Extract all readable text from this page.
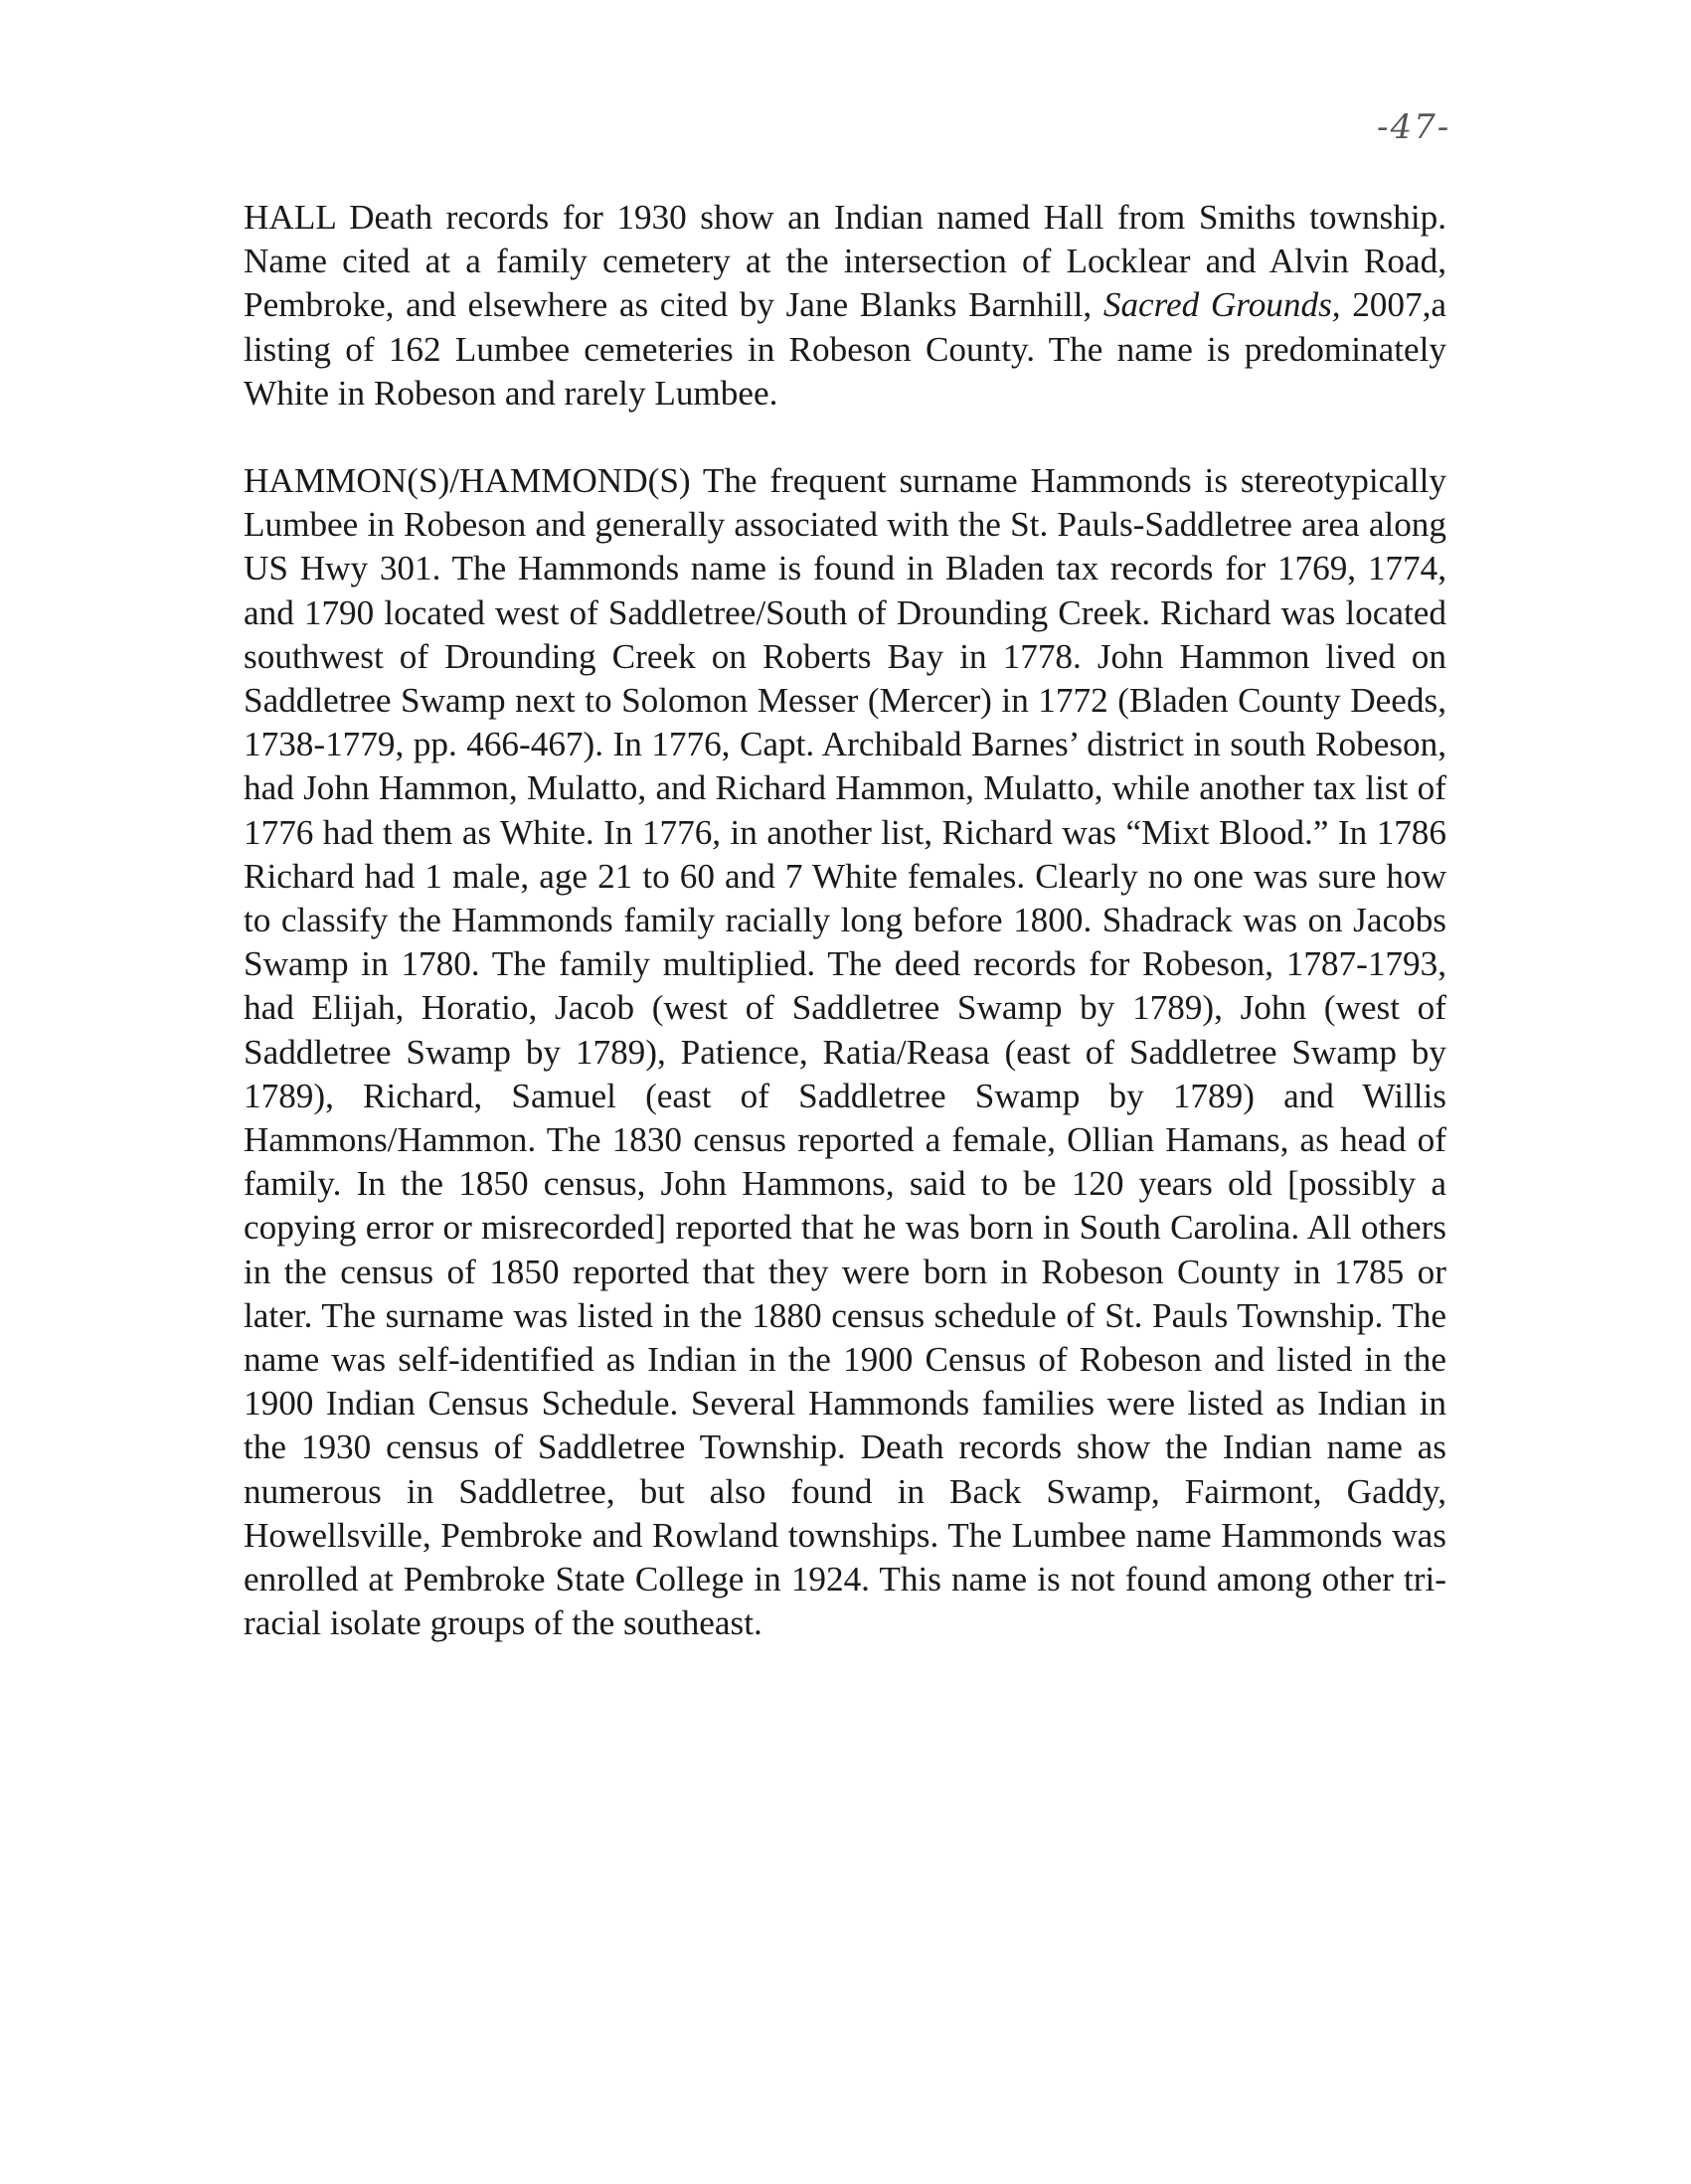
-47-

HALL Death records for 1930 show an Indian named Hall from Smiths township. Name cited at a family cemetery at the intersection of Locklear and Alvin Road, Pembroke, and elsewhere as cited by Jane Blanks Barnhill, Sacred Grounds, 2007,a listing of 162 Lumbee cemeteries in Robeson County. The name is predominately White in Robeson and rarely Lumbee.

HAMMON(S)/HAMMOND(S) The frequent surname Hammonds is stereotypically Lumbee in Robeson and generally associated with the St. Pauls-Saddletree area along US Hwy 301. The Hammonds name is found in Bladen tax records for 1769, 1774, and 1790 located west of Saddletree/South of Drounding Creek. Richard was located southwest of Drounding Creek on Roberts Bay in 1778. John Hammon lived on Saddletree Swamp next to Solomon Messer (Mercer) in 1772 (Bladen County Deeds, 1738-1779, pp. 466-467). In 1776, Capt. Archibald Barnes’ district in south Robeson, had John Hammon, Mulatto, and Richard Hammon, Mulatto, while another tax list of 1776 had them as White. In 1776, in another list, Richard was “Mixt Blood.” In 1786 Richard had 1 male, age 21 to 60 and 7 White females. Clearly no one was sure how to classify the Hammonds family racially long before 1800. Shadrack was on Jacobs Swamp in 1780. The family multiplied. The deed records for Robeson, 1787-1793, had Elijah, Horatio, Jacob (west of Saddletree Swamp by 1789), John (west of Saddletree Swamp by 1789), Patience, Ratia/Reasa (east of Saddletree Swamp by 1789), Richard, Samuel (east of Saddletree Swamp by 1789) and Willis Hammons/Hammon. The 1830 census reported a female, Ollian Hamans, as head of family. In the 1850 census, John Hammons, said to be 120 years old [possibly a copying error or misrecorded] reported that he was born in South Carolina. All others in the census of 1850 reported that they were born in Robeson County in 1785 or later. The surname was listed in the 1880 census schedule of St. Pauls Township. The name was self-identified as Indian in the 1900 Census of Robeson and listed in the 1900 Indian Census Schedule. Several Hammonds families were listed as Indian in the 1930 census of Saddletree Township. Death records show the Indian name as numerous in Saddletree, but also found in Back Swamp, Fairmont, Gaddy, Howellsville, Pembroke and Rowland townships. The Lumbee name Hammonds was enrolled at Pembroke State College in 1924. This name is not found among other tri-racial isolate groups of the southeast.
